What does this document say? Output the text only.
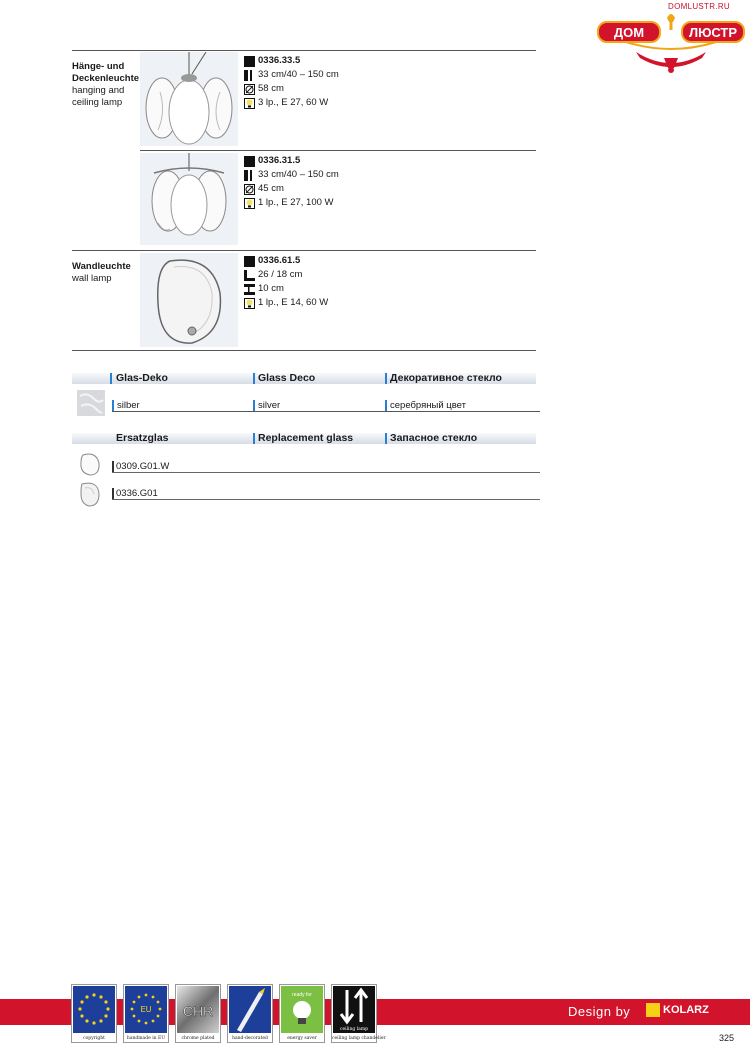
DOMLUSTR.RU
ДОМ	ЛЮСТР
Hänge- und
Deckenleuchte
hanging and
ceiling lamp
0336.33.5
33 cm/40 – 150 cm
58 cm
3 lp., E 27, 60 W
0336.31.5
33 cm/40 – 150 cm
45 cm
1 lp., E 27, 100 W
Wandleuchte
wall lamp
0336.61.5
26 / 18 cm
10 cm
1 lp., E 14, 60 W
Glas-Deko	Glass Deco	Декоративное стекло
silber	silver	серебряный цвет
Ersatzglas	Replacement glass	Запасное стекло
0309.G01.W
0336.G01
copyright
EU
handmade in EU
CHR
chrome plated	hand-decorated
ready for
energy saver
ceiling lamp
ceiling lamp chandelier
Design by	KOLARZ
325
